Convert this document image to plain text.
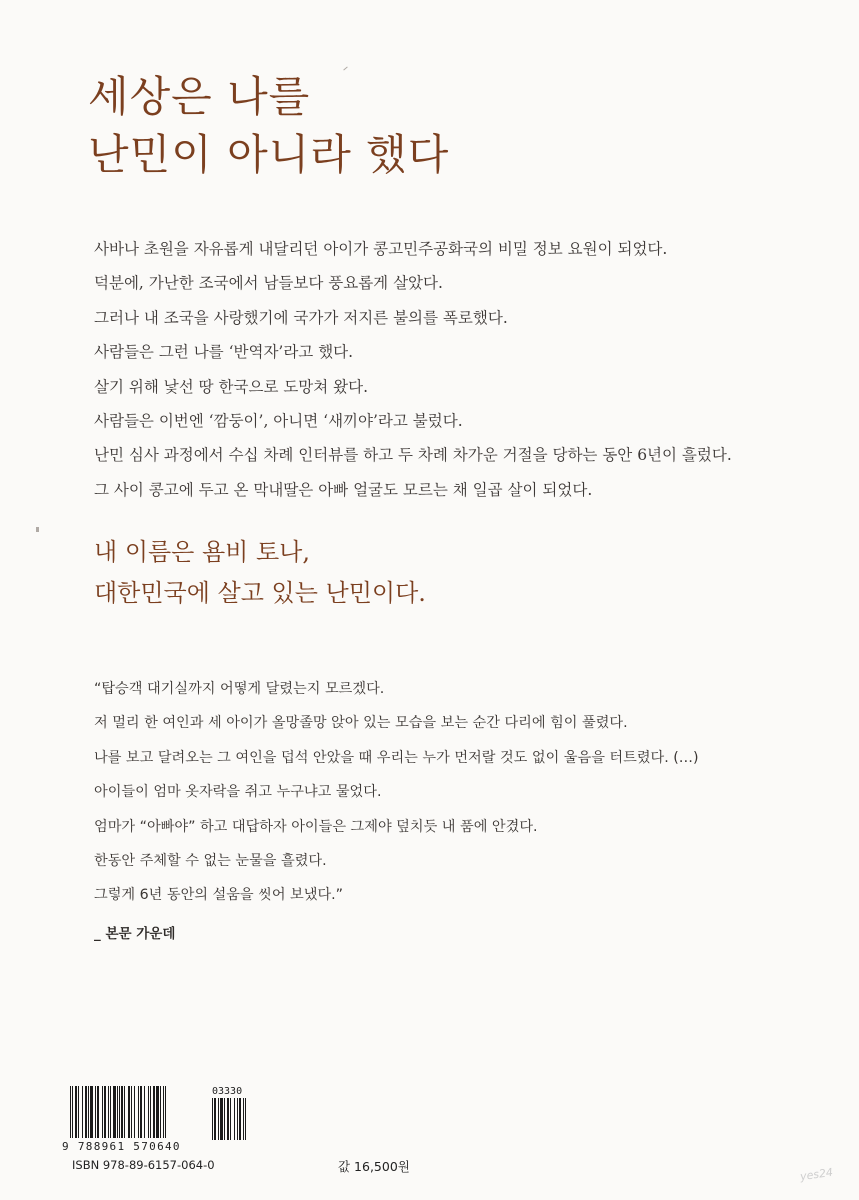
세상은 나를
난민이 아니라 했다
사바나 초원을 자유롭게 내달리던 아이가 콩고민주공화국의 비밀 정보 요원이 되었다.
덕분에, 가난한 조국에서 남들보다 풍요롭게 살았다.
그러나 내 조국을 사랑했기에 국가가 저지른 불의를 폭로했다.
사람들은 그런 나를 ‘반역자’라고 했다.
살기 위해 낯선 땅 한국으로 도망쳐 왔다.
사람들은 이번엔 ‘깜둥이’, 아니면 ‘새끼야’라고 불렀다.
난민 심사 과정에서 수십 차례 인터뷰를 하고 두 차례 차가운 거절을 당하는 동안 6년이 흘렀다.
그 사이 콩고에 두고 온 막내딸은 아빠 얼굴도 모르는 채 일곱 살이 되었다.
내 이름은 욤비 토나,
대한민국에 살고 있는 난민이다.
“탑승객 대기실까지 어떻게 달렸는지 모르겠다.
저 멀리 한 여인과 세 아이가 올망졸망 앉아 있는 모습을 보는 순간 다리에 힘이 풀렸다.
나를 보고 달려오는 그 여인을 덥석 안았을 때 우리는 누가 먼저랄 것도 없이 울음을 터트렸다. (…)
아이들이 엄마 옷자락을 쥐고 누구냐고 물었다.
엄마가 “아빠야” 하고 대답하자 아이들은 그제야 덮치듯 내 품에 안겼다.
한동안 주체할 수 없는 눈물을 흘렸다.
그렇게 6년 동안의 설움을 씻어 보냈다.”
_ 본문 가운데
03330
9 788961 570640
ISBN 978-89-6157-064-0	값 16,500원	yes24
